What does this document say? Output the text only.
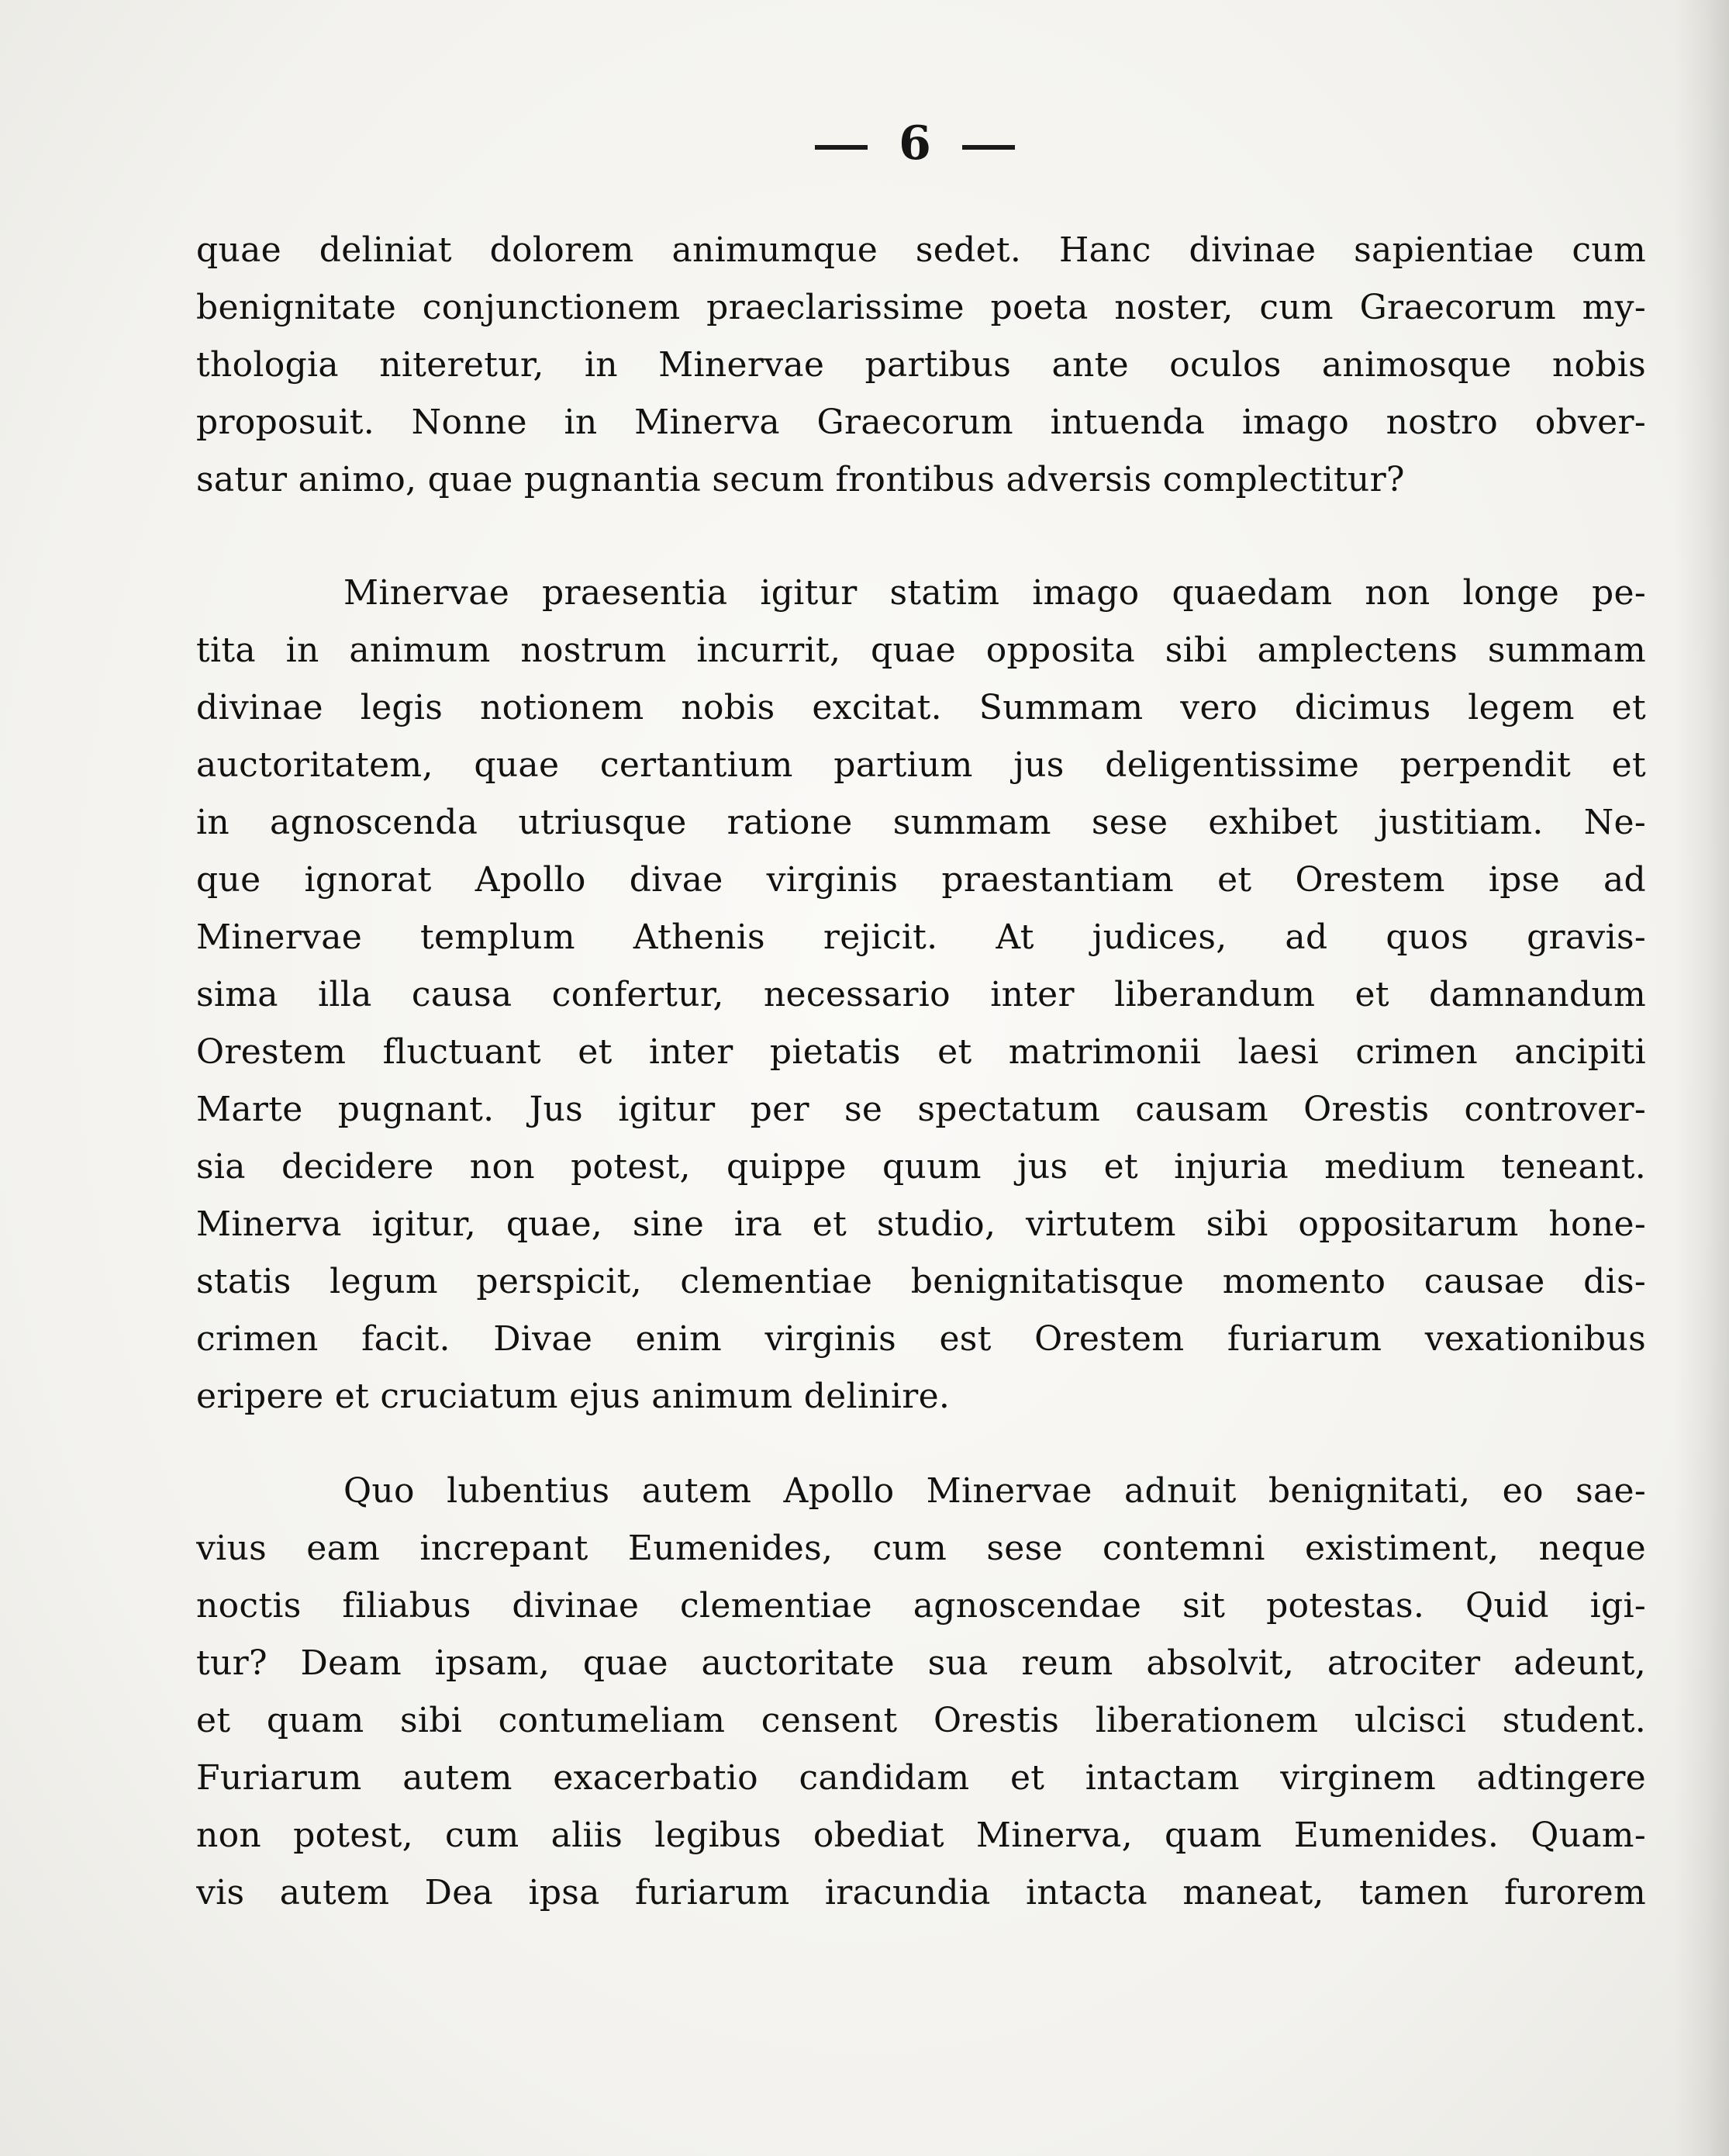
6
quae deliniat dolorem animumque sedet. Hanc divinae sapientiae cum
benignitate conjunctionem praeclarissime poeta noster, cum Graecorum my-
thologia niteretur, in Minervae partibus ante oculos animosque nobis
proposuit. Nonne in Minerva Graecorum intuenda imago nostro obver-
satur animo, quae pugnantia secum frontibus adversis complectitur?
Minervae praesentia igitur statim imago quaedam non longe pe-
tita in animum nostrum incurrit, quae opposita sibi amplectens summam
divinae legis notionem nobis excitat. Summam vero dicimus legem et
auctoritatem, quae certantium partium jus deligentissime perpendit et
in agnoscenda utriusque ratione summam sese exhibet justitiam. Ne-
que ignorat Apollo divae virginis praestantiam et Orestem ipse ad
Minervae templum Athenis rejicit. At judices, ad quos gravis-
sima illa causa confertur, necessario inter liberandum et damnandum
Orestem fluctuant et inter pietatis et matrimonii laesi crimen ancipiti
Marte pugnant. Jus igitur per se spectatum causam Orestis controver-
sia decidere non potest, quippe quum jus et injuria medium teneant.
Minerva igitur, quae, sine ira et studio, virtutem sibi oppositarum hone-
statis legum perspicit, clementiae benignitatisque momento causae dis-
crimen facit. Divae enim virginis est Orestem furiarum vexationibus
eripere et cruciatum ejus animum delinire.
Quo lubentius autem Apollo Minervae adnuit benignitati, eo sae-
vius eam increpant Eumenides, cum sese contemni existiment, neque
noctis filiabus divinae clementiae agnoscendae sit potestas. Quid igi-
tur? Deam ipsam, quae auctoritate sua reum absolvit, atrociter adeunt,
et quam sibi contumeliam censent Orestis liberationem ulcisci student.
Furiarum autem exacerbatio candidam et intactam virginem adtingere
non potest, cum aliis legibus obediat Minerva, quam Eumenides. Quam-
vis autem Dea ipsa furiarum iracundia intacta maneat, tamen furorem
